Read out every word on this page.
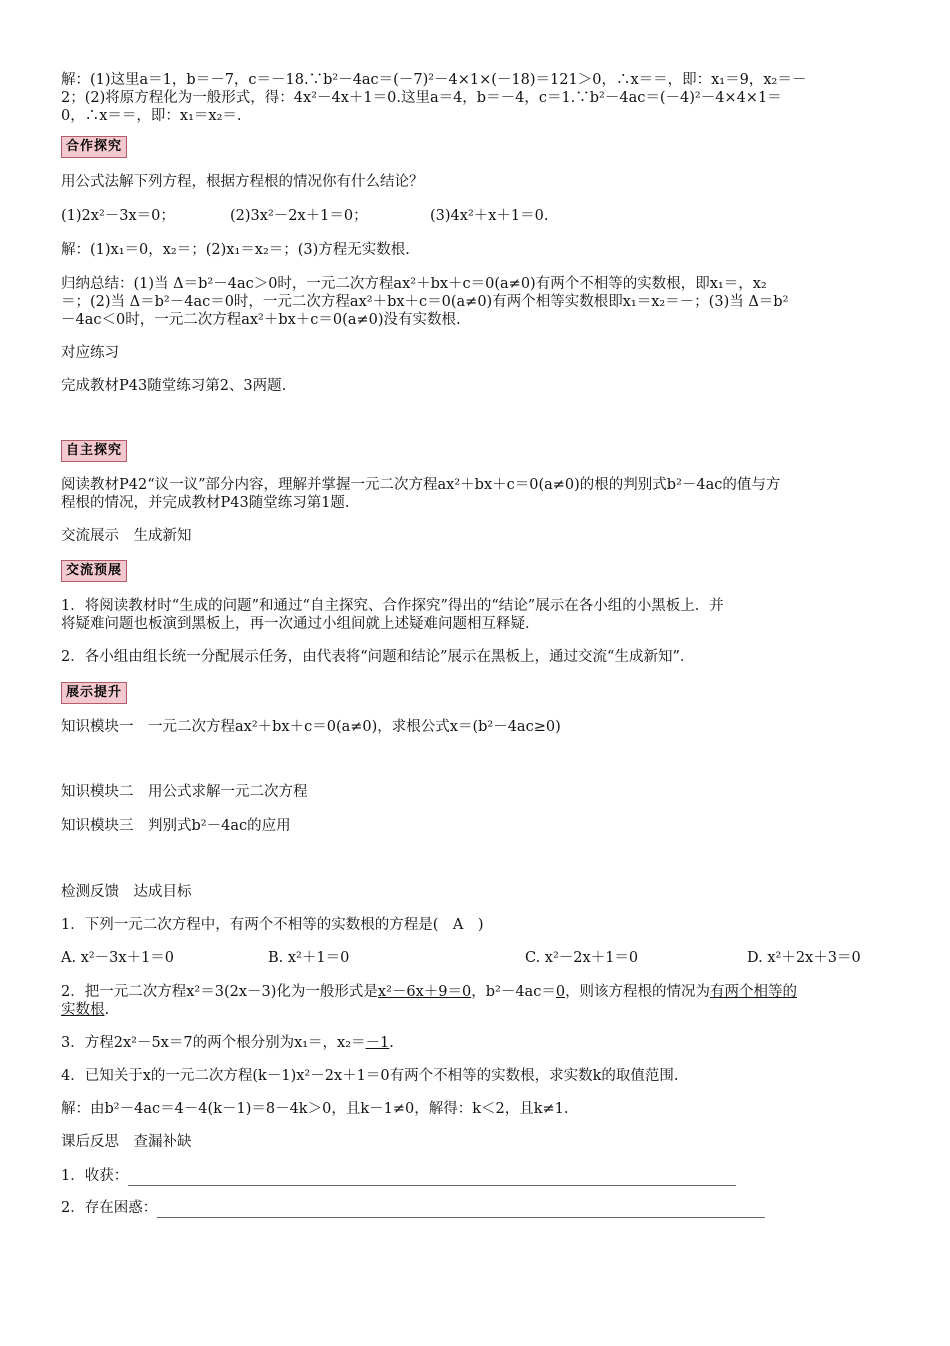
解：(1)这里a＝1，b＝－7，c＝－18.∵b²－4ac＝(－7)²－4×1×(－18)＝121＞0，∴x＝＝，即：x₁＝9，x₂＝－
2；(2)将原方程化为一般形式，得：4x²－4x＋1＝0.这里a＝4，b＝－4，c＝1.∵b²－4ac＝(－4)²－4×4×1＝
0，∴x＝＝，即：x₁＝x₂＝.
合作探究
用公式法解下列方程，根据方程根的情况你有什么结论？
(1)2x²－3x＝0；	(2)3x²－2x＋1＝0；	(3)4x²＋x＋1＝0.
解：(1)x₁＝0，x₂＝；(2)x₁＝x₂＝；(3)方程无实数根.
归纳总结：(1)当 Δ＝b²－4ac＞0时，一元二次方程ax²＋bx＋c＝0(a≠0)有两个不相等的实数根，即x₁＝，x₂
＝；(2)当 Δ＝b²－4ac＝0时，一元二次方程ax²＋bx＋c＝0(a≠0)有两个相等实数根即x₁＝x₂＝－；(3)当 Δ＝b²
－4ac＜0时，一元二次方程ax²＋bx＋c＝0(a≠0)没有实数根.
对应练习
完成教材P43随堂练习第2、3两题.
自主探究
阅读教材P42“议一议”部分内容，理解并掌握一元二次方程ax²＋bx＋c＝0(a≠0)的根的判别式b²－4ac的值与方
程根的情况，并完成教材P43随堂练习第1题.
交流展示　生成新知
交流预展
1．将阅读教材时“生成的问题”和通过“自主探究、合作探究”得出的“结论”展示在各小组的小黑板上．并
将疑难问题也板演到黑板上，再一次通过小组间就上述疑难问题相互释疑．
2．各小组由组长统一分配展示任务，由代表将“问题和结论”展示在黑板上，通过交流“生成新知”．
展示提升
知识模块一　一元二次方程ax²＋bx＋c＝0(a≠0)，求根公式x＝(b²－4ac≥0)
知识模块二　用公式求解一元二次方程
知识模块三　判别式b²－4ac的应用
检测反馈　达成目标
1．下列一元二次方程中，有两个不相等的实数根的方程是(　A　)
A. x²－3x＋1＝0	B. x²＋1＝0	C. x²－2x＋1＝0	D. x²＋2x＋3＝0
2．把一元二次方程x²＝3(2x－3)化为一般形式是x²－6x＋9＝0，b²－4ac＝0，则该方程根的情况为有两个相等的
实数根.
3．方程2x²－5x＝7的两个根分别为x₁＝，x₂＝－1.
4．已知关于x的一元二次方程(k－1)x²－2x＋1＝0有两个不相等的实数根，求实数k的取值范围.
解：由b²－4ac＝4－4(k－1)＝8－4k＞0，且k－1≠0，解得：k＜2，且k≠1.
课后反思　查漏补缺
1．收获：
2．存在困惑：
